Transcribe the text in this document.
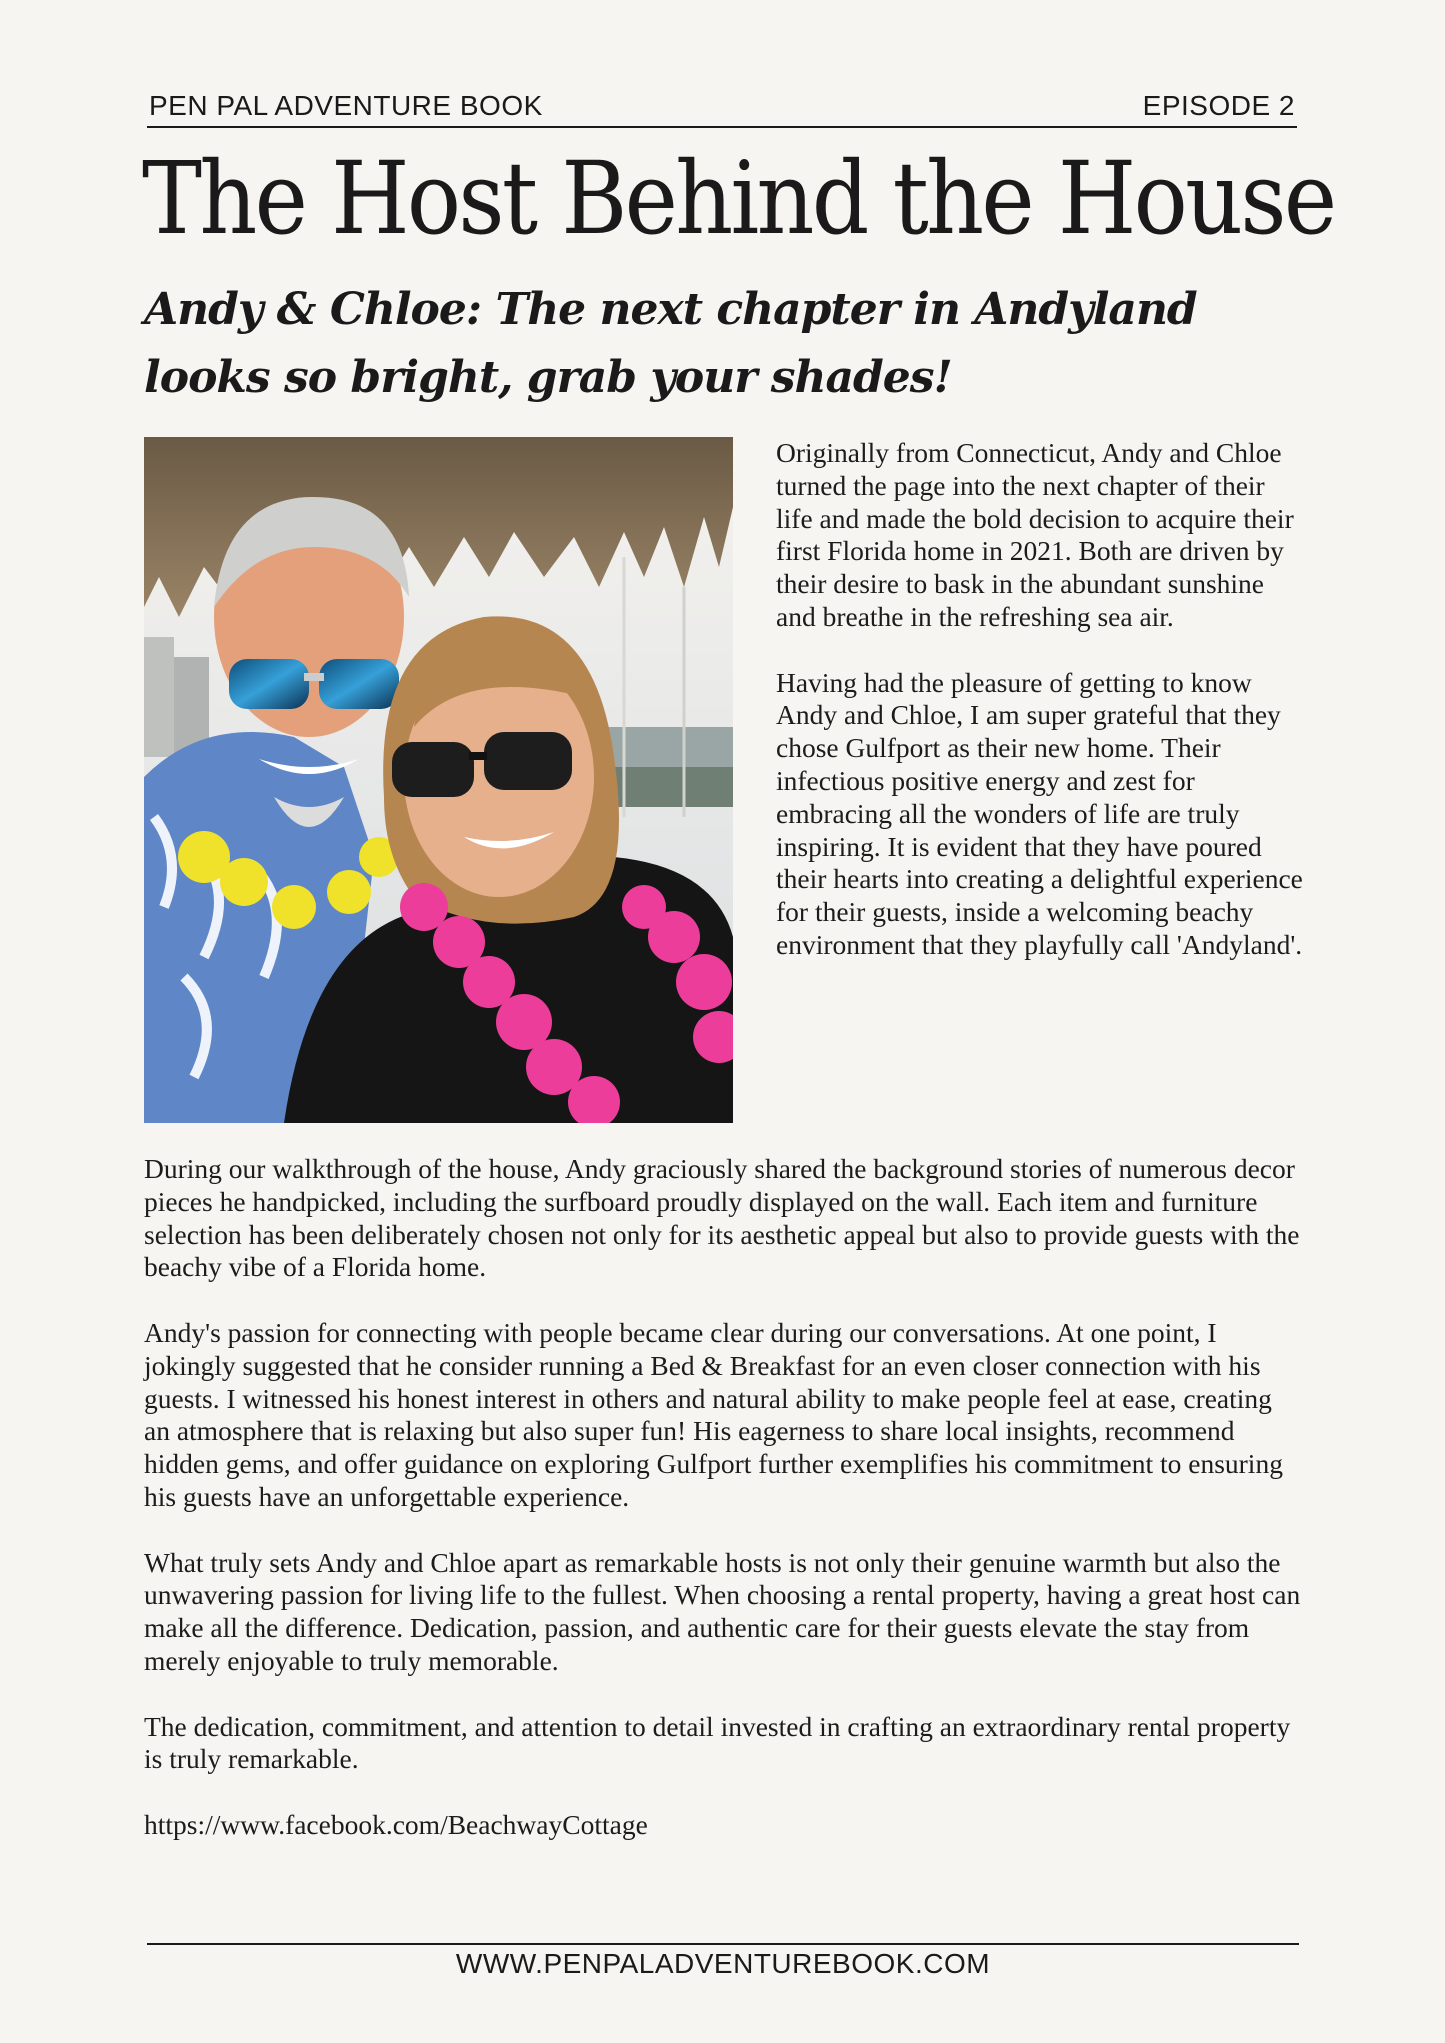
PEN PAL ADVENTURE BOOK	EPISODE 2
The Host Behind the House
Andy & Chloe: The next chapter in Andyland looks so bright, grab your shades!

Originally from Connecticut, Andy and Chloe turned the page into the next chapter of their life and made the bold decision to acquire their first Florida home in 2021. Both are driven by their desire to bask in the abundant sunshine and breathe in the refreshing sea air.

Having had the pleasure of getting to know Andy and Chloe, I am super grateful that they chose Gulfport as their new home. Their infectious positive energy and zest for embracing all the wonders of life are truly inspiring. It is evident that they have poured their hearts into creating a delightful experience for their guests, inside a welcoming beachy environment that they playfully call 'Andyland'.

During our walkthrough of the house, Andy graciously shared the background stories of numerous decor pieces he handpicked, including the surfboard proudly displayed on the wall. Each item and furniture selection has been deliberately chosen not only for its aesthetic appeal but also to provide guests with the beachy vibe of a Florida home.

Andy's passion for connecting with people became clear during our conversations. At one point, I jokingly suggested that he consider running a Bed & Breakfast for an even closer connection with his guests. I witnessed his honest interest in others and natural ability to make people feel at ease, creating an atmosphere that is relaxing but also super fun! His eagerness to share local insights, recommend hidden gems, and offer guidance on exploring Gulfport further exemplifies his commitment to ensuring his guests have an unforgettable experience.

What truly sets Andy and Chloe apart as remarkable hosts is not only their genuine warmth but also the unwavering passion for living life to the fullest. When choosing a rental property, having a great host can make all the difference. Dedication, passion, and authentic care for their guests elevate the stay from merely enjoyable to truly memorable.

The dedication, commitment, and attention to detail invested in crafting an extraordinary rental property is truly remarkable.

https://www.facebook.com/BeachwayCottage

WWW.PENPALADVENTUREBOOK.COM
